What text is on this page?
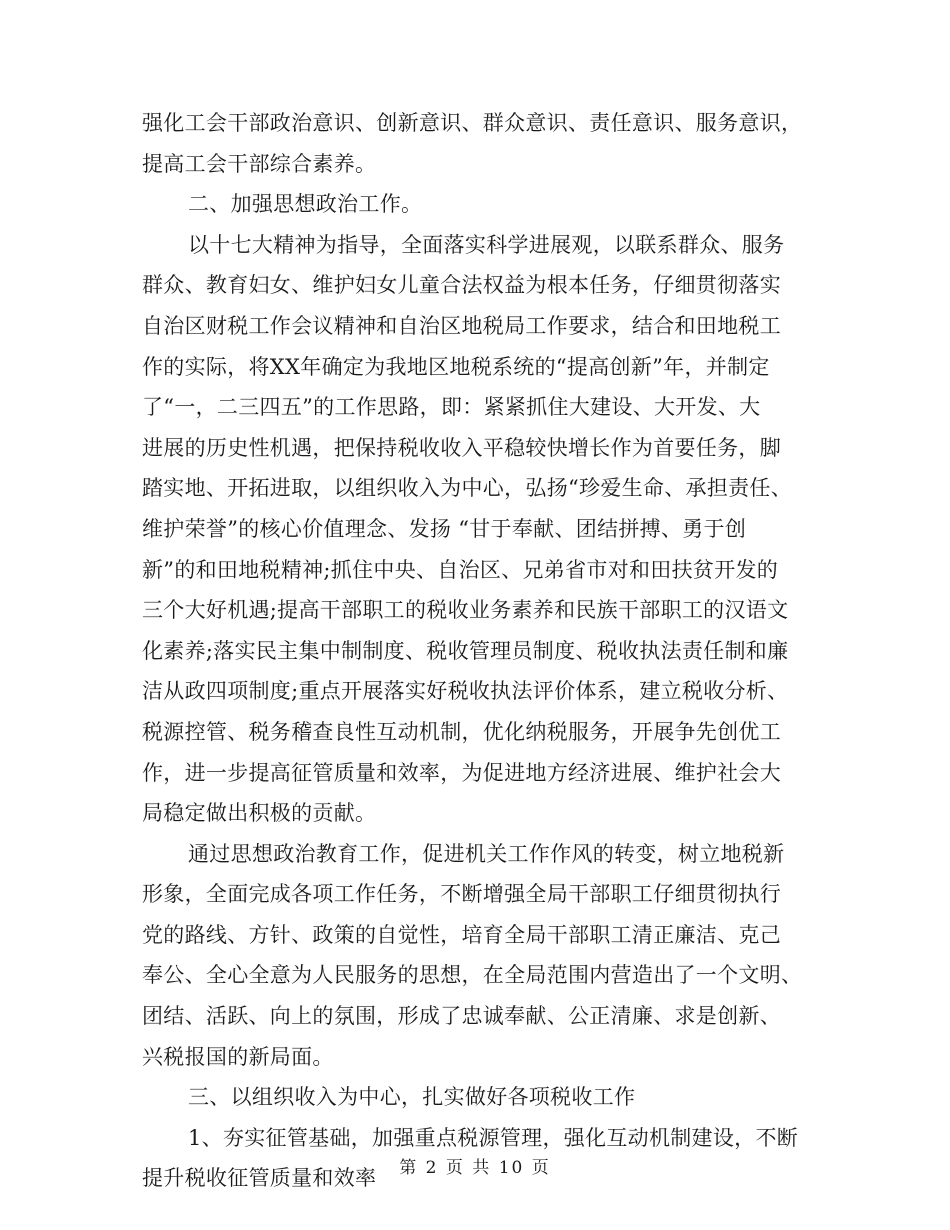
强化工会干部政治意识、创新意识、群众意识、责任意识、服务意识，
提高工会干部综合素养。
二、加强思想政治工作。
以十七大精神为指导，全面落实科学进展观，以联系群众、服务
群众、教育妇女、维护妇女儿童合法权益为根本任务，仔细贯彻落实
自治区财税工作会议精神和自治区地税局工作要求，结合和田地税工
作的实际，将XX年确定为我地区地税系统的“提高创新”年，并制定
了“一，二三四五”的工作思路，即：紧紧抓住大建设、大开发、大
进展的历史性机遇，把保持税收收入平稳较快增长作为首要任务，脚
踏实地、开拓进取，以组织收入为中心，弘扬“珍爱生命、承担责任、
维护荣誉”的核心价值理念、发扬 “甘于奉献、团结拼搏、勇于创
新”的和田地税精神;抓住中央、自治区、兄弟省市对和田扶贫开发的
三个大好机遇;提高干部职工的税收业务素养和民族干部职工的汉语文
化素养;落实民主集中制制度、税收管理员制度、税收执法责任制和廉
洁从政四项制度;重点开展落实好税收执法评价体系，建立税收分析、
税源控管、税务稽查良性互动机制，优化纳税服务，开展争先创优工
作，进一步提高征管质量和效率，为促进地方经济进展、维护社会大
局稳定做出积极的贡献。
通过思想政治教育工作，促进机关工作作风的转变，树立地税新
形象，全面完成各项工作任务，不断增强全局干部职工仔细贯彻执行
党的路线、方针、政策的自觉性，培育全局干部职工清正廉洁、克己
奉公、全心全意为人民服务的思想，在全局范围内营造出了一个文明、
团结、活跃、向上的氛围，形成了忠诚奉献、公正清廉、求是创新、
兴税报国的新局面。
三、以组织收入为中心，扎实做好各项税收工作
1、夯实征管基础，加强重点税源管理，强化互动机制建设，不断
提升税收征管质量和效率	第 2 页 共 10 页
